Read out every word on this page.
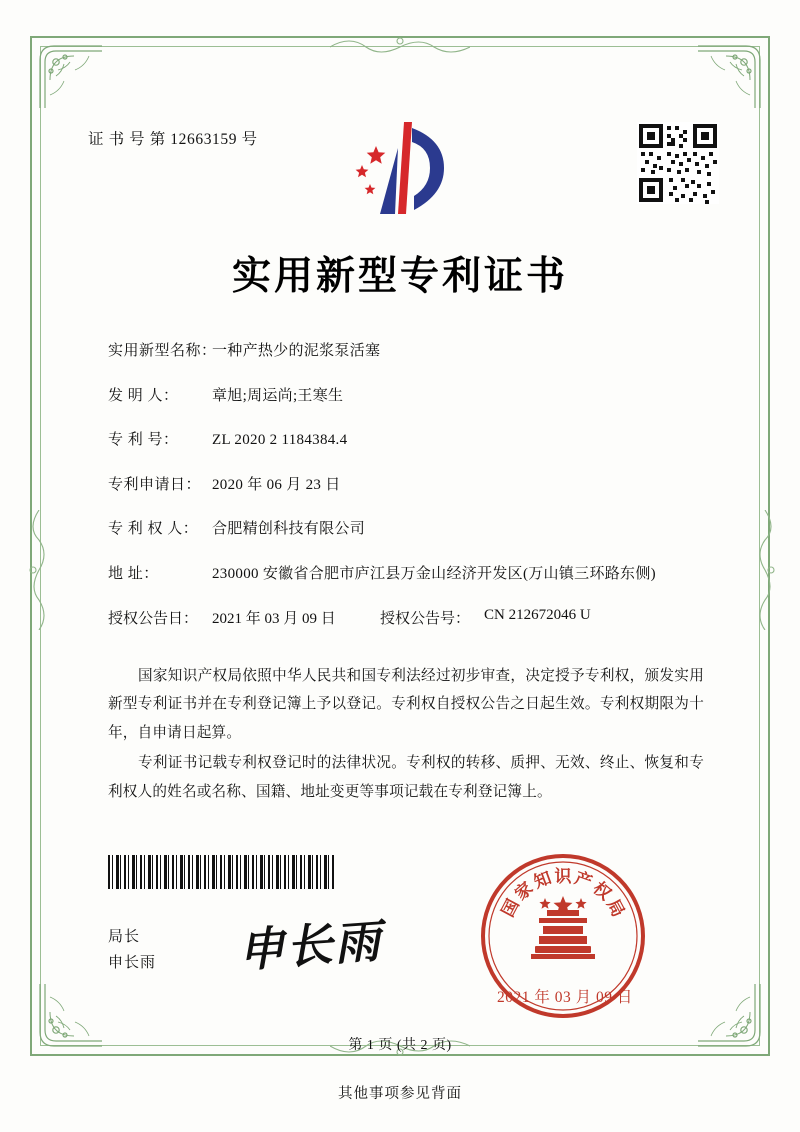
证 书 号 第 12663159 号
实用新型专利证书
实用新型名称：
一种产热少的泥浆泵活塞
发 明 人：	章旭;周运尚;王寒生
专 利 号：	ZL 2020 2 1184384.4
专利申请日： 2020 年 06 月 23 日
专 利 权 人： 合肥精创科技有限公司
地 址：	230000 安徽省合肥市庐江县万金山经济开发区(万山镇三环路东侧)
授权公告日： 2021 年 03 月 09 日	授权公告号： CN 212672046 U

国家知识产权局依照中华人民共和国专利法经过初步审查，决定授予专利权，颁发实用新型专利证书并在专利登记簿上予以登记。专利权自授权公告之日起生效。专利权期限为十年，自申请日起算。

专利证书记载专利权登记时的法律状况。专利权的转移、质押、无效、终止、恢复和专利权人的姓名或名称、国籍、地址变更等事项记载在专利登记簿上。

局长
申长雨 申长雨
国
家
知 识 产
权
局
2021 年 03 月 09 日
第 1 页 (共 2 页)
其他事项参见背面
